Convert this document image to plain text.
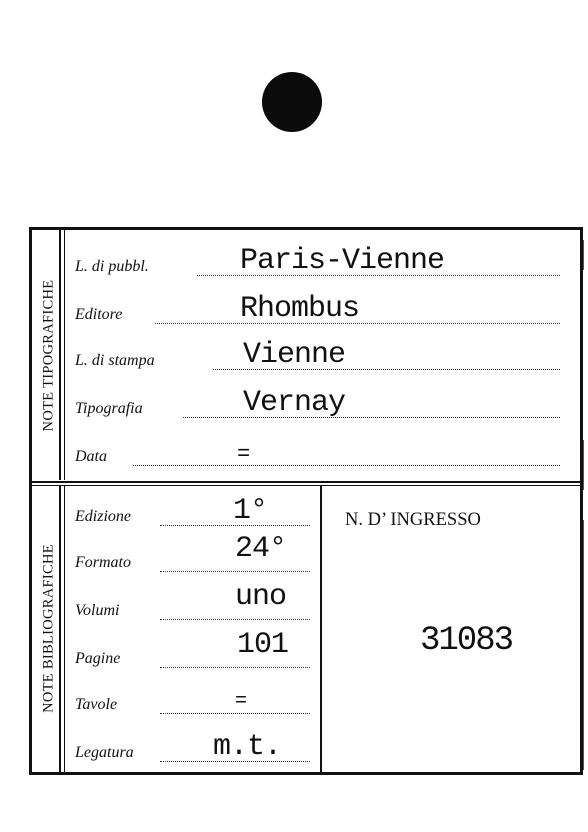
NOTE TIPOGRAFICHE
NOTE BIBLIOGRAFICHE
L. di pubbl.	Paris-Vienne
Editore	Rhombus
L. di stampa	Vienne
Tipografia	Vernay
Data	=
Edizione	1°
Formato	24°
Volumi	uno
Pagine	101
Tavole	=
Legatura	m.t.
N. D’ INGRESSO
31083
